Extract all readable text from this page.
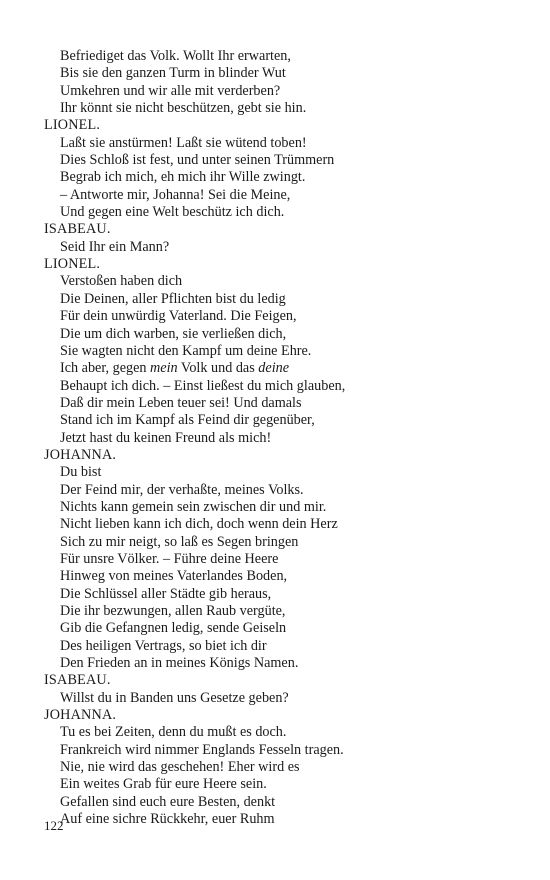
Befriediget das Volk. Wollt Ihr erwarten,
Bis sie den ganzen Turm in blinder Wut
Umkehren und wir alle mit verderben?
Ihr könnt sie nicht beschützen, gebt sie hin.
LIONEL.
Laßt sie anstürmen! Laßt sie wütend toben!
Dies Schloß ist fest, und unter seinen Trümmern
Begrab ich mich, eh mich ihr Wille zwingt.
– Antworte mir, Johanna! Sei die Meine,
Und gegen eine Welt beschütz ich dich.
ISABEAU.
Seid Ihr ein Mann?
LIONEL.
Verstoßen haben dich
Die Deinen, aller Pflichten bist du ledig
Für dein unwürdig Vaterland. Die Feigen,
Die um dich warben, sie verließen dich,
Sie wagten nicht den Kampf um deine Ehre.
Ich aber, gegen mein Volk und das deine
Behaupt ich dich. – Einst ließest du mich glauben,
Daß dir mein Leben teuer sei! Und damals
Stand ich im Kampf als Feind dir gegenüber,
Jetzt hast du keinen Freund als mich!
JOHANNA.
Du bist
Der Feind mir, der verhaßte, meines Volks.
Nichts kann gemein sein zwischen dir und mir.
Nicht lieben kann ich dich, doch wenn dein Herz
Sich zu mir neigt, so laß es Segen bringen
Für unsre Völker. – Führe deine Heere
Hinweg von meines Vaterlandes Boden,
Die Schlüssel aller Städte gib heraus,
Die ihr bezwungen, allen Raub vergüte,
Gib die Gefangnen ledig, sende Geiseln
Des heiligen Vertrags, so biet ich dir
Den Frieden an in meines Königs Namen.
ISABEAU.
Willst du in Banden uns Gesetze geben?
JOHANNA.
Tu es bei Zeiten, denn du mußt es doch.
Frankreich wird nimmer Englands Fesseln tragen.
Nie, nie wird das geschehen! Eher wird es
Ein weites Grab für eure Heere sein.
Gefallen sind euch eure Besten, denkt
Auf eine sichre Rückkehr, euer Ruhm
122
